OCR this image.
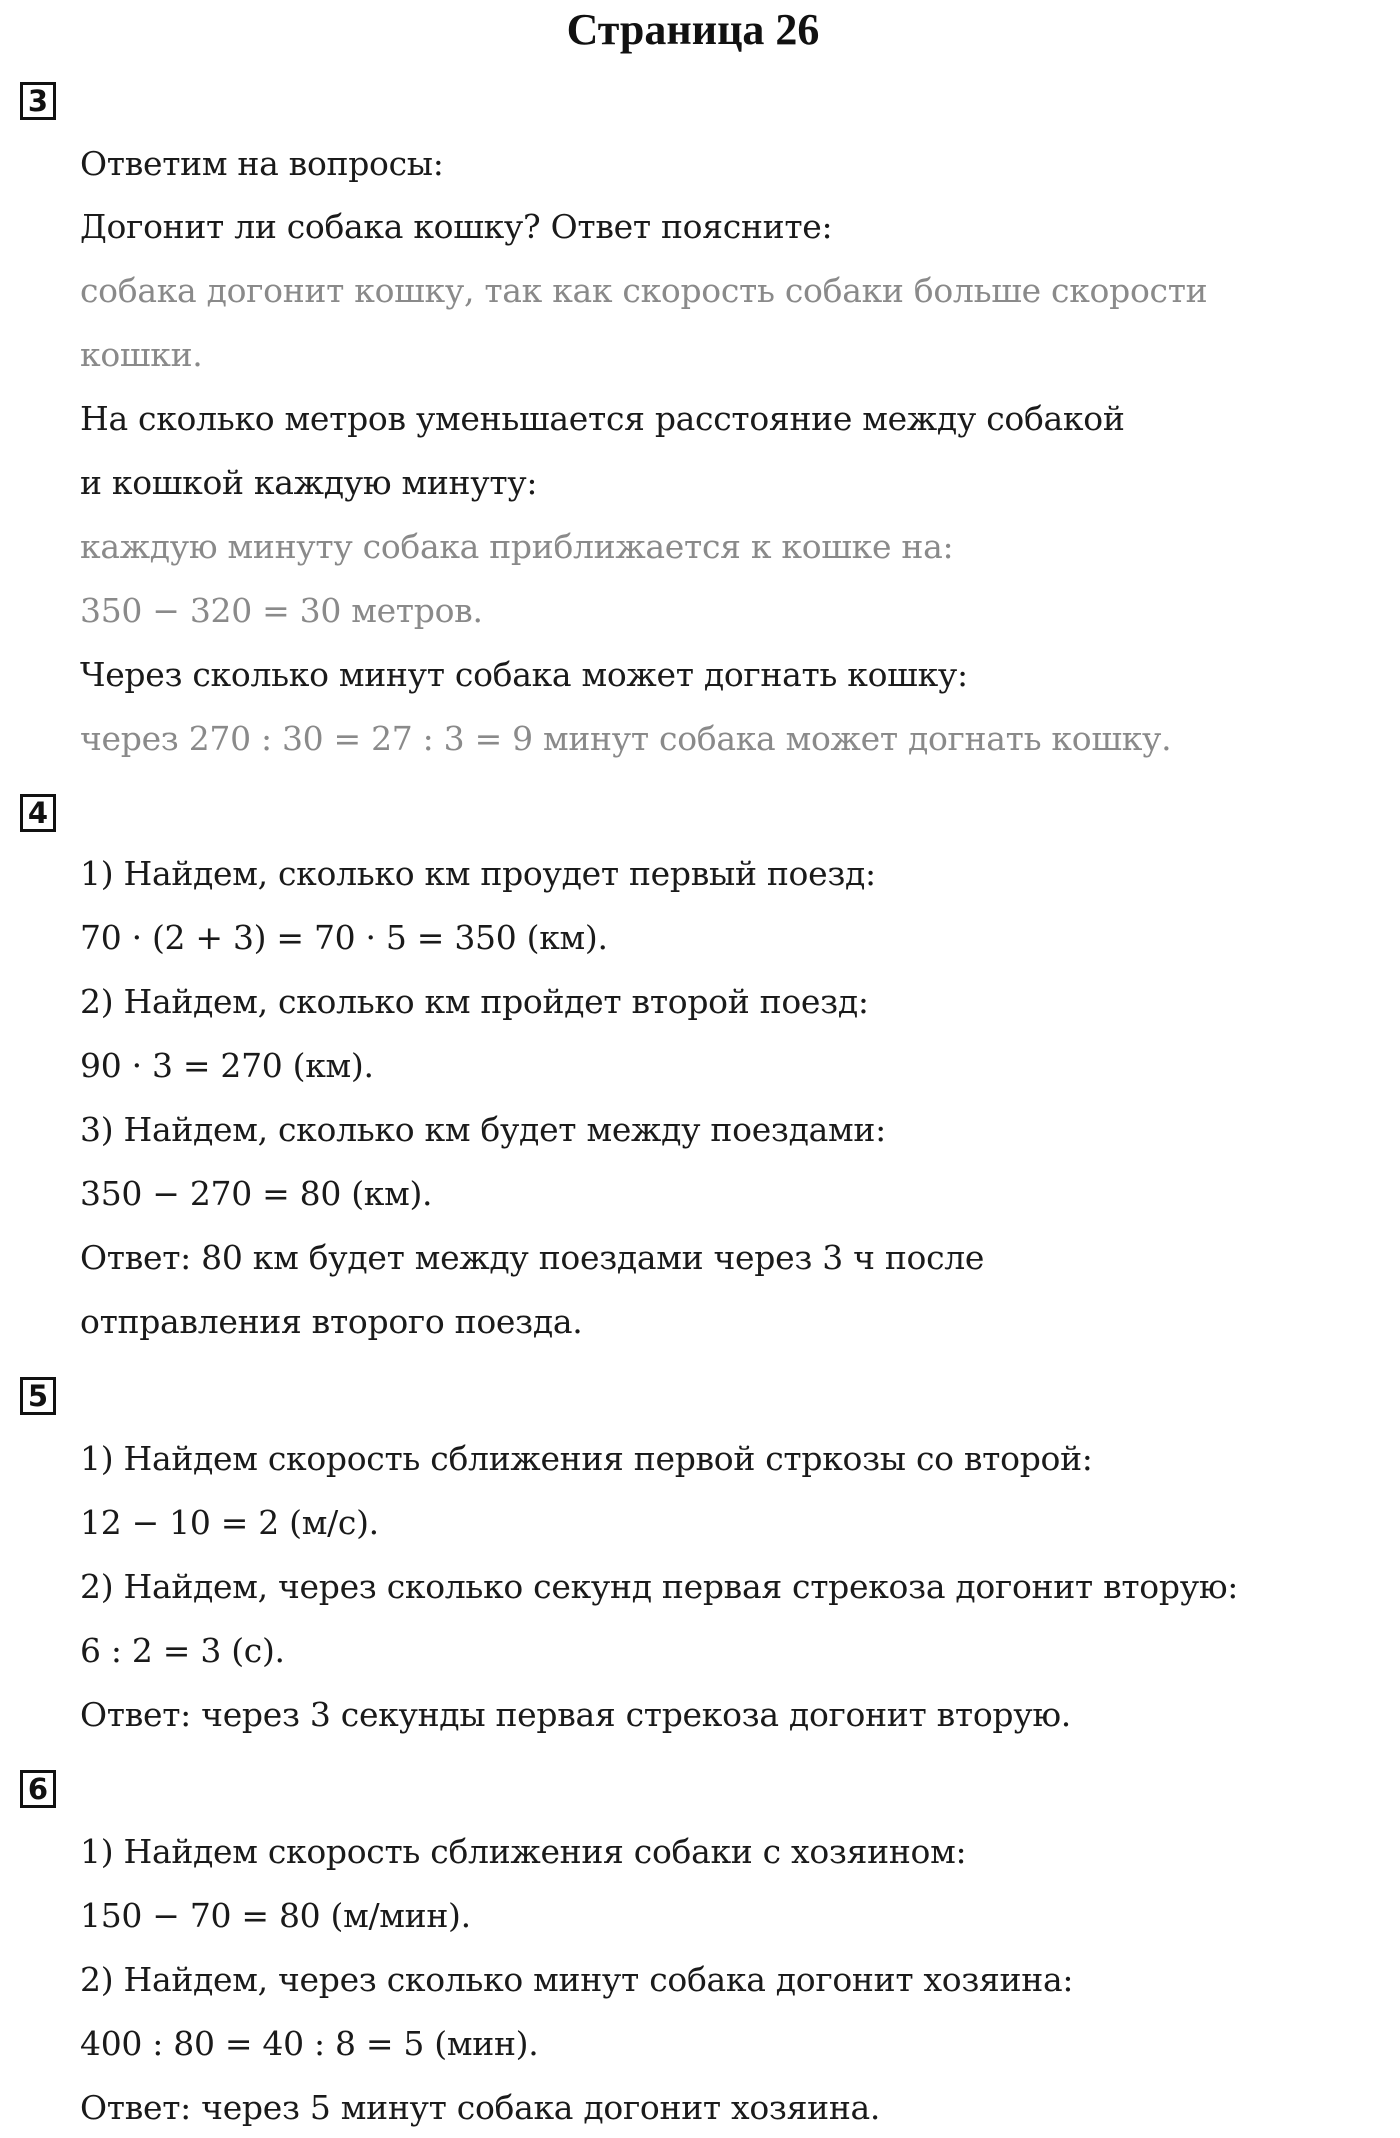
Страница 26
3
Ответим на вопросы:
Догонит ли собака кошку? Ответ поясните:
собака догонит кошку, так как скорость собаки больше скорости
кошки.
На сколько метров уменьшается расстояние между собакой
и кошкой каждую минуту:
каждую минуту собака приближается к кошке на:
350 − 320 = 30 метров.
Через сколько минут собака может догнать кошку:
через 270 : 30 = 27 : 3 = 9 минут собака может догнать кошку.
4
1) Найдем, сколько км проудет первый поезд:
70 · (2 + 3) = 70 · 5 = 350 (км).
2) Найдем, сколько км пройдет второй поезд:
90 · 3 = 270 (км).
3) Найдем, сколько км будет между поездами:
350 − 270 = 80 (км).
Ответ: 80 км будет между поездами через 3 ч после
отправления второго поезда.
5
1) Найдем скорость сближения первой стркозы со второй:
12 − 10 = 2 (м/с).
2) Найдем, через сколько секунд первая стрекоза догонит вторую:
6 : 2 = 3 (с).
Ответ: через 3 секунды первая стрекоза догонит вторую.
6
1) Найдем скорость сближения собаки с хозяином:
150 − 70 = 80 (м/мин).
2) Найдем, через сколько минут собака догонит хозяина:
400 : 80 = 40 : 8 = 5 (мин).
Ответ: через 5 минут собака догонит хозяина.
